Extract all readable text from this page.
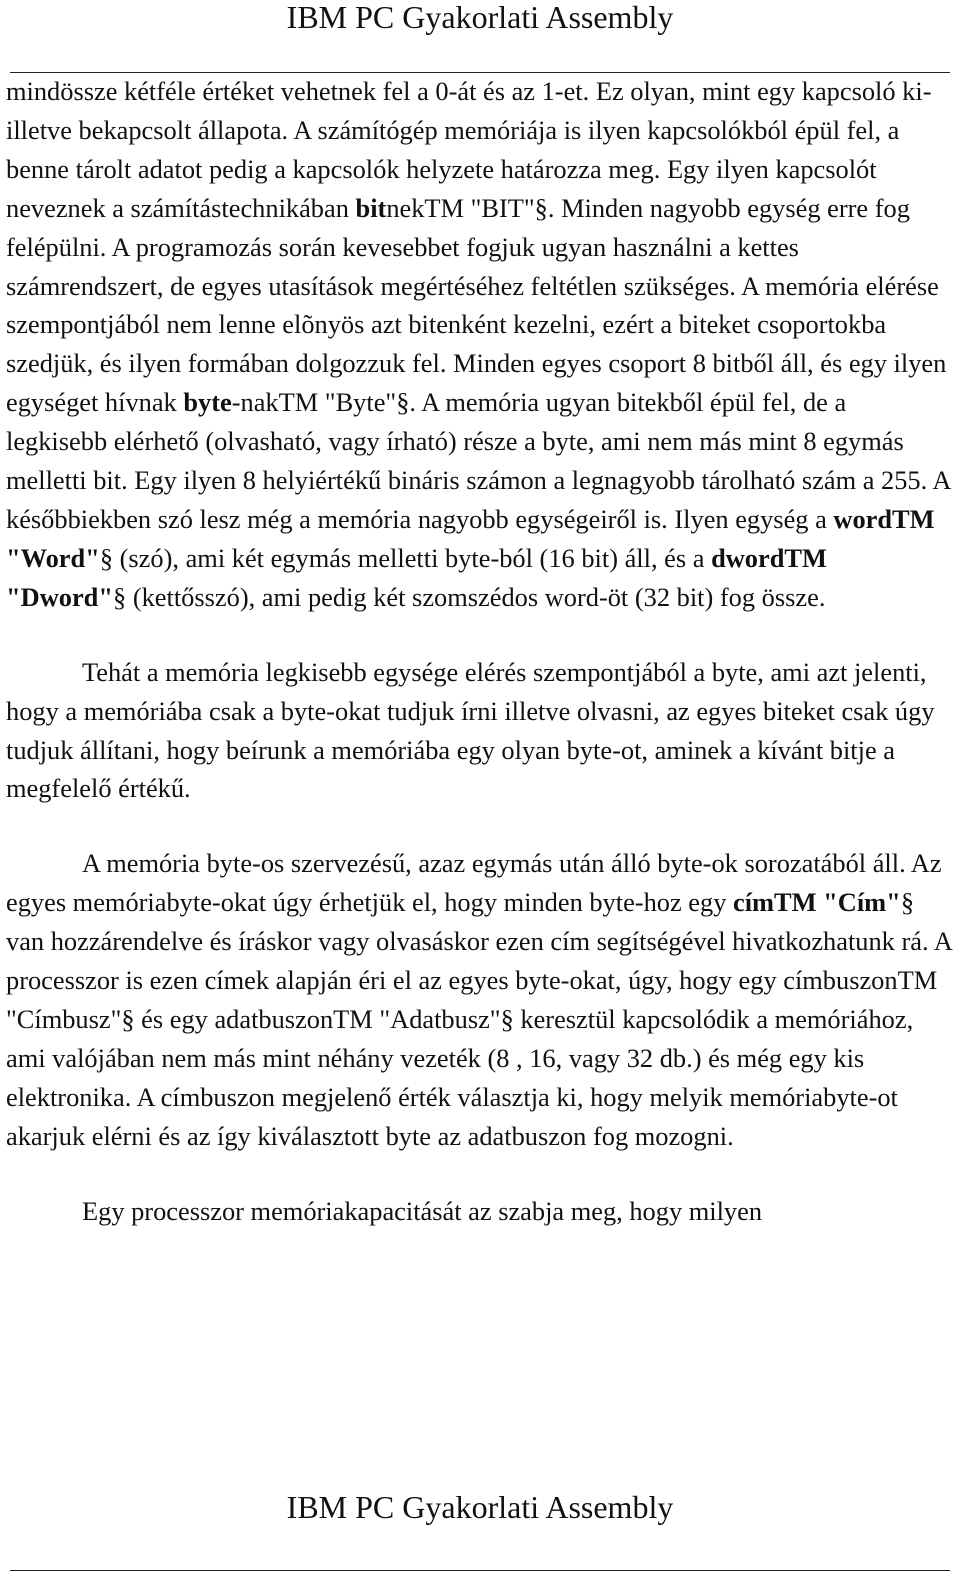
IBM PC Gyakorlati Assembly

mindössze kétféle értéket vehetnek fel a 0-át és az 1-et. Ez olyan, mint egy kapcsoló ki- illetve bekapcsolt állapota. A számítógép memóriája is ilyen kapcsolókból épül fel, a benne tárolt adatot pedig a kapcsolók helyzete határozza meg. Egy ilyen kapcsolót neveznek a számítástechnikában bitnekTM "BIT"§. Minden nagyobb egység erre fog felépülni. A programozás során kevesebbet fogjuk ugyan használni a kettes számrendszert, de egyes utasítások megértéséhez feltétlen szükséges. A memória elérése szempontjából nem lenne elõnyös azt bitenként kezelni, ezért a biteket csoportokba szedjük, és ilyen formában dolgozzuk fel. Minden egyes csoport 8 bitből áll, és egy ilyen egységet hívnak byte-nakTM "Byte"§. A memória ugyan bitekből épül fel, de a legkisebb elérhető (olvasható, vagy írható) része a byte, ami nem más mint 8 egymás melletti bit. Egy ilyen 8 helyiértékű bináris számon a legnagyobb tárolható szám a 255. A későbbiekben szó lesz még a memória nagyobb egységeiről is. Ilyen egység a wordTM "Word"§ (szó), ami két egymás melletti byte-ból (16 bit) áll, és a dwordTM "Dword"§ (kettősszó), ami pedig két szomszédos word-öt (32 bit) fog össze.

Tehát a memória legkisebb egysége elérés szempontjából a byte, ami azt jelenti, hogy a memóriába csak a byte-okat tudjuk írni illetve olvasni, az egyes biteket csak úgy tudjuk állítani, hogy beírunk a memóriába egy olyan byte-ot, aminek a kívánt bitje a megfelelő értékű.

A memória byte-os szervezésű, azaz egymás után álló byte-ok sorozatából áll. Az egyes memóriabyte-okat úgy érhetjük el, hogy minden byte-hoz egy címTM "Cím"§ van hozzárendelve és íráskor vagy olvasáskor ezen cím segítségével hivatkozhatunk rá. A processzor is ezen címek alapján éri el az egyes byte-okat, úgy, hogy egy címbuszonTM "Címbusz"§ és egy adatbuszonTM "Adatbusz"§ keresztül kapcsolódik a memóriához, ami valójában nem más mint néhány vezeték (8 , 16, vagy 32 db.) és még egy kis elektronika. A címbuszon megjelenő érték választja ki, hogy melyik memóriabyte-ot akarjuk elérni és az így kiválasztott byte az adatbuszon fog mozogni.

Egy processzor memóriakapacitását az szabja meg, hogy milyen

IBM PC Gyakorlati Assembly
